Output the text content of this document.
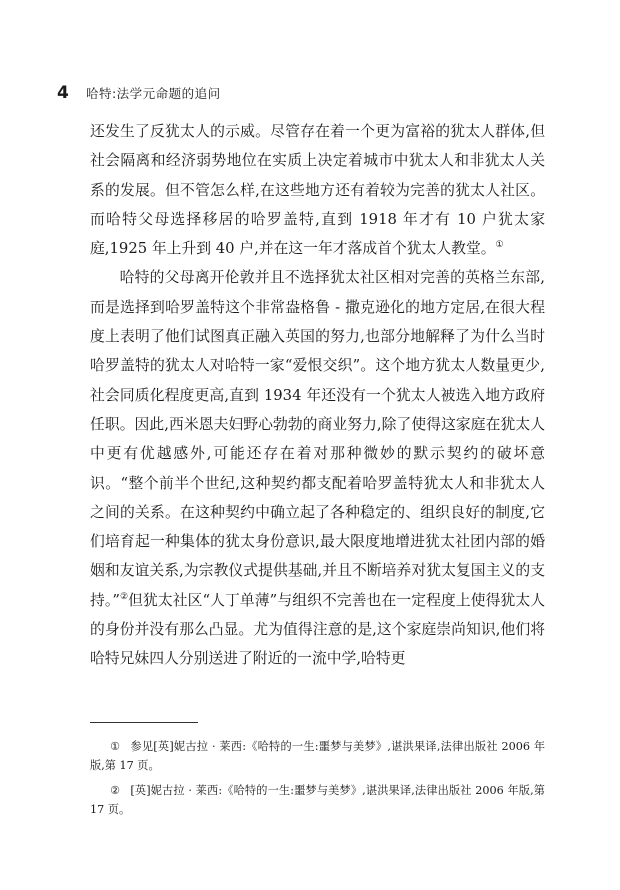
4 哈特:法学元命题的追问

还发生了反犹太人的示威。尽管存在着一个更为富裕的犹太人群体,但社会隔离和经济弱势地位在实质上决定着城市中犹太人和非犹太人关系的发展。但不管怎么样,在这些地方还有着较为完善的犹太人社区。而哈特父母选择移居的哈罗盖特,直到 1918 年才有 10 户犹太家庭,1925 年上升到 40 户,并在这一年才落成首个犹太人教堂。①

哈特的父母离开伦敦并且不选择犹太社区相对完善的英格兰东部,而是选择到哈罗盖特这个非常盎格鲁 - 撒克逊化的地方定居,在很大程度上表明了他们试图真正融入英国的努力,也部分地解释了为什么当时哈罗盖特的犹太人对哈特一家“爱恨交织”。这个地方犹太人数量更少,社会同质化程度更高,直到 1934 年还没有一个犹太人被选入地方政府任职。因此,西米恩夫妇野心勃勃的商业努力,除了使得这家庭在犹太人中更有优越感外,可能还存在着对那种微妙的默示契约的破坏意识。“整个前半个世纪,这种契约都支配着哈罗盖特犹太人和非犹太人之间的关系。在这种契约中确立起了各种稳定的、组织良好的制度,它们培育起一种集体的犹太身份意识,最大限度地增进犹太社团内部的婚姻和友谊关系,为宗教仪式提供基础,并且不断培养对犹太复国主义的支持。”②但犹太社区“人丁单薄”与组织不完善也在一定程度上使得犹太人的身份并没有那么凸显。尤为值得注意的是,这个家庭崇尚知识,他们将哈特兄妹四人分别送进了附近的一流中学,哈特更

① 参见[英]妮古拉 · 莱西:《哈特的一生:噩梦与美梦》,谌洪果译,法律出版社 2006 年版,第 17 页。

② [英]妮古拉 · 莱西:《哈特的一生:噩梦与美梦》,谌洪果译,法律出版社 2006 年版,第 17 页。
